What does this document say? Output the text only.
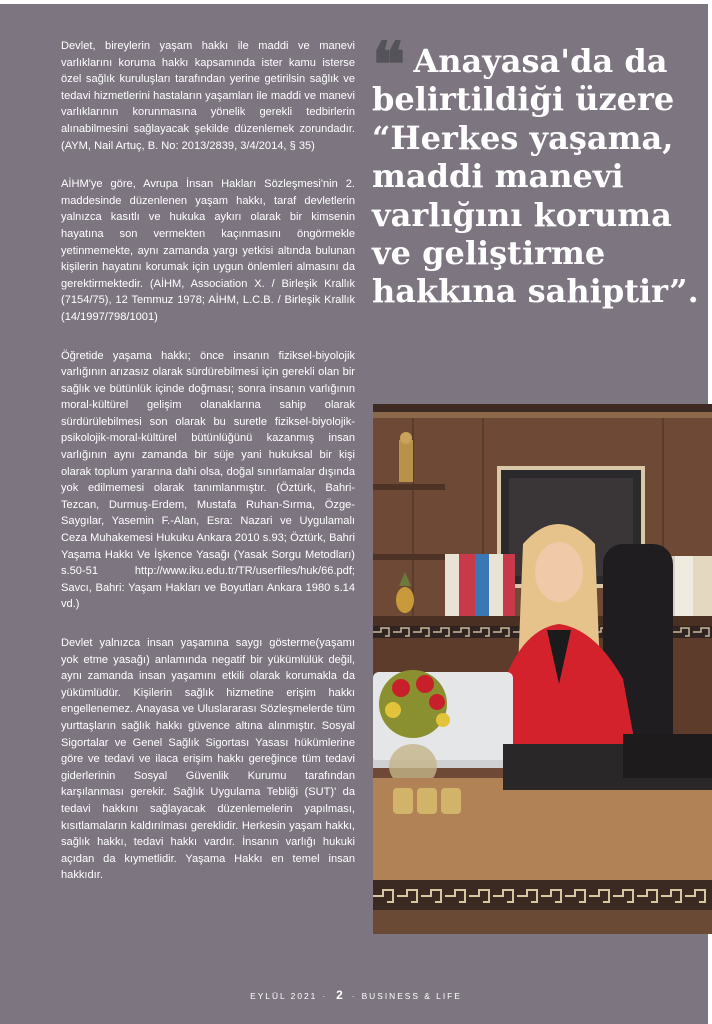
Devlet, bireylerin yaşam hakkı ile maddi ve manevi varlıklarını koruma hakkı kapsamında ister kamu isterse özel sağlık kuruluşları tarafından yerine getirilsin sağlık ve tedavi hizmetlerini hastaların yaşamları ile maddi ve manevi varlıklarının korunmasına yönelik gerekli tedbirlerin alınabilmesini sağlayacak şekilde düzenlemek zorundadır. (AYM, Nail Artuç, B. No: 2013/2839, 3/4/2014, § 35)

AİHM'ye göre, Avrupa İnsan Hakları Sözleşmesi'nin 2. maddesinde düzenlenen yaşam hakkı, taraf devletlerin yalnızca kasıtlı ve hukuka aykırı olarak bir kimsenin hayatına son vermekten kaçınmasını öngörmekle yetinmemekte, aynı zamanda yargı yetkisi altında bulunan kişilerin hayatını korumak için uygun önlemleri almasını da gerektirmektedir. (AİHM, Association X. / Birleşik Krallık (7154/75), 12 Temmuz 1978; AİHM, L.C.B. / Birleşik Krallık (14/1997/798/1001)

Öğretide yaşama hakkı; önce insanın fiziksel-biyolojik varlığının arızasız olarak sürdürebilmesi için gerekli olan bir sağlık ve bütünlük içinde doğması; sonra insanın varlığının moral-kültürel gelişim olanaklarına sahip olarak sürdürülebilmesi son olarak bu suretle fiziksel-biyolojik-psikolojik-moral-kültürel bütünlüğünü kazanmış insan varlığının aynı zamanda bir süje yani hukuksal bir kişi olarak toplum yararına dahi olsa, doğal sınırlamalar dışında yok edilmemesi olarak tanımlanmıştır. (Öztürk, Bahri-Tezcan, Durmuş-Erdem, Mustafa Ruhan-Sırma, Özge-Saygılar, Yasemin F.-Alan, Esra: Nazari ve Uygulamalı Ceza Muhakemesi Hukuku Ankara 2010 s.93; Öztürk, Bahri Yaşama Hakkı Ve İşkence Yasağı (Yasak Sorgu Metodları) s.50-51 http://www.iku.edu.tr/TR/userfiles/huk/66.pdf; Savcı, Bahri: Yaşam Hakları ve Boyutları Ankara 1980 s.14 vd.)

Devlet yalnızca insan yaşamına saygı gösterme(yaşamı yok etme yasağı) anlamında negatif bir yükümlülük değil, aynı zamanda insan yaşamını etkili olarak korumakla da yükümlüdür. Kişilerin sağlık hizmetine erişim hakkı engellenemez. Anayasa ve Uluslararası Sözleşmelerde tüm yurttaşların sağlık hakkı güvence altına alınmıştır. Sosyal Sigortalar ve Genel Sağlık Sigortası Yasası hükümlerine göre ve tedavi ve ilaca erişim hakkı gereğince tüm tedavi giderlerinin Sosyal Güvenlik Kurumu tarafından karşılanması gerekir. Sağlık Uygulama Tebliği (SUT)' da tedavi hakkını sağlayacak düzenlemelerin yapılması, kısıtlamaların kaldırılması gereklidir. Herkesin yaşam hakkı, sağlık hakkı, tedavi hakkı vardır. İnsanın varlığı hukuki açıdan da kıymetlidir. Yaşama Hakkı en temel insan hakkıdır.

❝ Anayasa'da da belirtildiği üzere “Herkes yaşama, maddi manevi varlığını koruma ve geliştirme hakkına sahiptir”.
EYLÜL 2021 · 2 · BUSINESS & LIFE
